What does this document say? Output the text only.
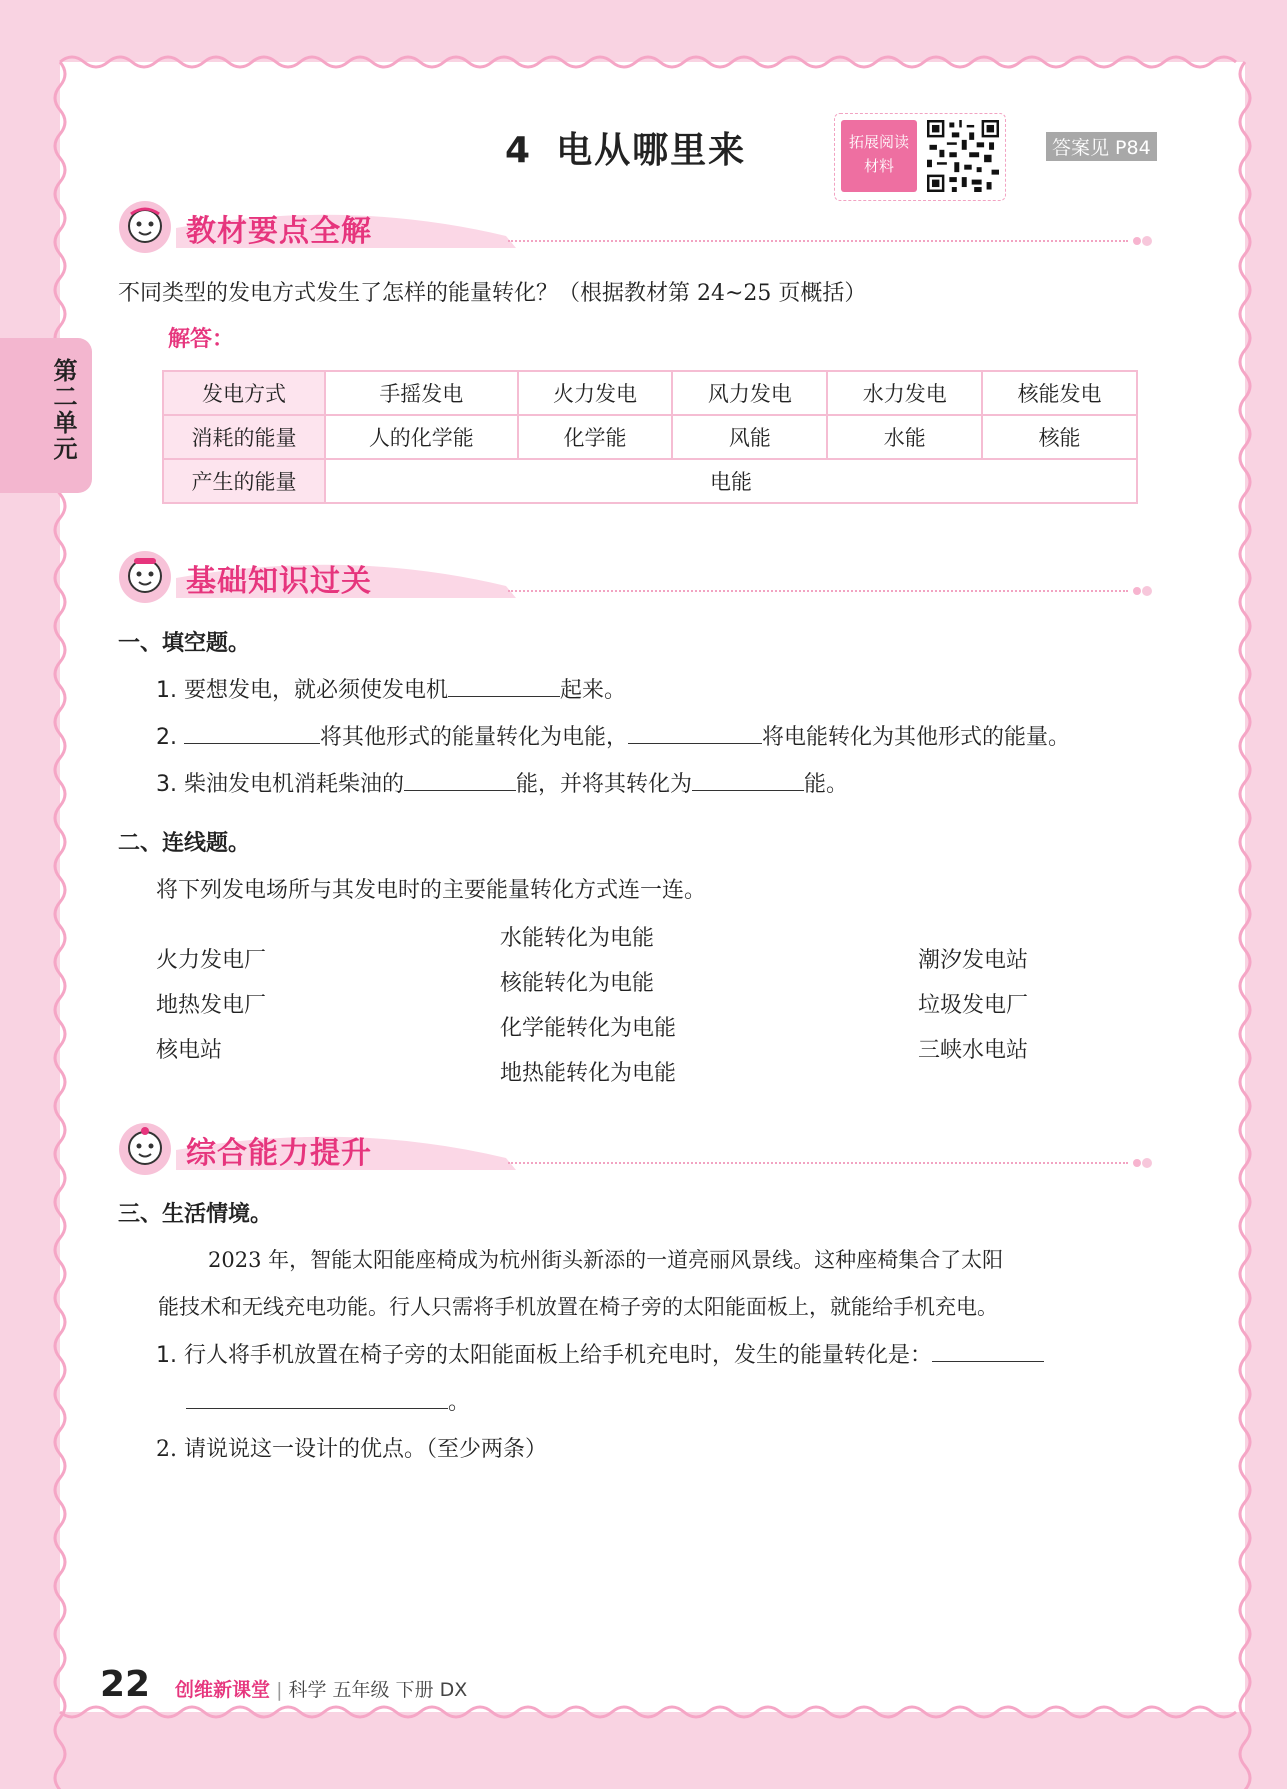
第二单元
4 电从哪里来	拓展阅读
材料
答案见 P84
教材要点全解
不同类型的发电方式发生了怎样的能量转化？（根据教材第 24~25 页概括）
解答：
发电方式	手摇发电	火力发电	风力发电	水力发电	核能发电
消耗的能量	人的化学能	化学能	风能	水能	核能
产生的能量	电能				
基础知识过关
一、填空题。
1. 要想发电，就必须使发电机	起来。
2.	将其他形式的能量转化为电能，	将电能转化为其他形式的能量。
3. 柴油发电机消耗柴油的	能，并将其转化为	能。
二、连线题。
将下列发电场所与其发电时的主要能量转化方式连一连。
火力发电厂
地热发电厂
核电站
水能转化为电能
核能转化为电能
化学能转化为电能
地热能转化为电能
潮汐发电站
垃圾发电厂
三峡水电站
综合能力提升
三、生活情境。
2023 年，智能太阳能座椅成为杭州街头新添的一道亮丽风景线。这种座椅集合了太阳
能技术和无线充电功能。行人只需将手机放置在椅子旁的太阳能面板上，就能给手机充电。
1. 行人将手机放置在椅子旁的太阳能面板上给手机充电时，发生的能量转化是：
。
2. 请说说这一设计的优点。（至少两条）
22 创维新课堂 | 科学 五年级 下册 DX
